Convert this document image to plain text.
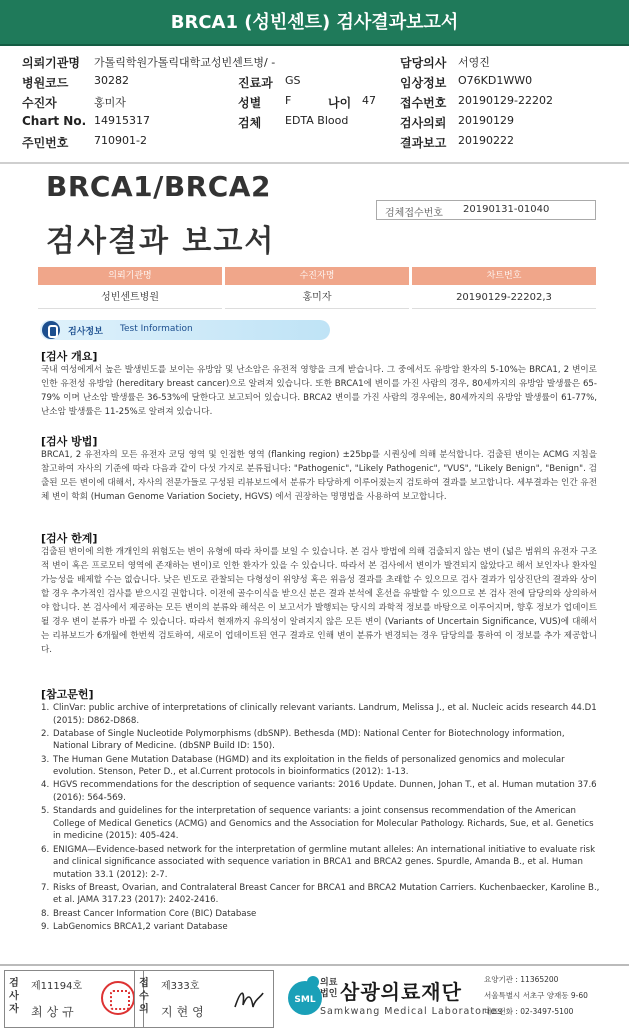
BRCA1 (성빈센트) 검사결과보고서
의뢰기관명 가톨릭학원가톨릭대학교성빈센트병/ -	담당의사 서영진
병원코드 30282	진료과 GS	임상정보 O76KD1WW0
수진자	홍미자	성별 F	나이 47 접수번호 20190129-22202
Chart No. 14915317	검체 EDTA Blood	검사의뢰 20190129
주민번호 710901-2	결과보고 20190222
BRCA1/BRCA2
검사결과 보고서
검체접수번호 20190131-01040
의뢰기관명	수진자명	차트번호
성빈센트병원	홍미자	20190129-22202,3
검사정보 Test Information
[검사 개요]
국내 여성에게서 높은 발생빈도를 보이는 유방암 및 난소암은 유전적 영향을 크게 받습니다. 그 중에서도 유방암 환자의 5-10%는 BRCA1, 2 변이로 인한 유전성 유방암 (hereditary breast cancer)으로 알려져 있습니다. 또한 BRCA1에 변이를 가진 사람의 경우, 80세까지의 유방암 발생률은 65-79% 이며 난소암 발생률은 36-53%에 달한다고 보고되어 있습니다. BRCA2 변이를 가진 사람의 경우에는, 80세까지의 유방암 발생률이 61-77%, 난소암 발생률은 11-25%로 알려져 있습니다.
[검사 방법]
BRCA1, 2 유전자의 모든 유전자 코딩 영역 및 인접한 영역 (flanking region) ±25bp를 시퀀싱에 의해 분석합니다. 검출된 변이는 ACMG 지침을 참고하여 자사의 기준에 따라 다음과 같이 다섯 가지로 분류됩니다: "Pathogenic", "Likely Pathogenic", "VUS", "Likely Benign", "Benign". 검출된 모든 변이에 대해서, 자사의 전문가들로 구성된 리뷰보드에서 분류가 타당하게 이루어졌는지 검토하여 결과를 보고합니다. 세부결과는 인간 유전체 변이 학회 (Human Genome Variation Society, HGVS) 에서 권장하는 명명법을 사용하여 보고합니다.
[검사 한계]
검출된 변이에 의한 개개인의 위험도는 변이 유형에 따라 차이를 보일 수 있습니다. 본 검사 방법에 의해 검출되지 않는 변이 (넓은 범위의 유전자 구조적 변이 혹은 프로모터 영역에 존재하는 변이)로 인한 환자가 있을 수 있습니다. 따라서 본 검사에서 변이가 발견되지 않았다고 해서 보인자나 환자일 가능성을 배제할 수는 없습니다. 낮은 빈도로 관찰되는 다형성이 위양성 혹은 위음성 결과를 초래할 수 있으므로 검사 결과가 임상진단의 결과와 상이할 경우 추가적인 검사를 받으시길 권합니다. 이전에 골수이식을 받으신 분은 결과 분석에 혼선을 유발할 수 있으므로 본 검사 전에 담당의와 상의하셔야 합니다. 본 검사에서 제공하는 모든 변이의 분류와 해석은 이 보고서가 발행되는 당시의 과학적 정보를 바탕으로 이루어지며, 향후 정보가 업데이트 될 경우 변이 분류가 바뀔 수 있습니다. 따라서 현재까지 유의성이 알려지지 않은 모든 변이 (Variants of Uncertain Significance, VUS)에 대해서는 리뷰보드가 6개월에 한번씩 검토하여, 새로이 업데이트된 연구 결과로 인해 변이 분류가 변경되는 경우 담당의를 통하여 이 정보를 추가 제공합니다.
[참고문헌]
1. ClinVar: public archive of interpretations of clinically relevant variants. Landrum, Melissa J., et al. Nucleic acids research 44.D1 (2015): D862-D868.
2. Database of Single Nucleotide Polymorphisms (dbSNP). Bethesda (MD): National Center for Biotechnology information, National Library of Medicine. (dbSNP Build ID: 150).
3. The Human Gene Mutation Database (HGMD) and its exploitation in the fields of personalized genomics and molecular evolution. Stenson, Peter D., et al.Current protocols in bioinformatics (2012): 1-13.
4. HGVS recommendations for the description of sequence variants: 2016 Update. Dunnen, Johan T., et al. Human mutation 37.6 (2016): 564-569.
5. Standards and guidelines for the interpretation of sequence variants: a joint consensus recommendation of the American College of Medical Genetics (ACMG) and Genomics and the Association for Molecular Pathology. Richards, Sue, et al. Genetics in medicine (2015): 405-424.
6. ENIGMA—Evidence-based network for the interpretation of germline mutant alleles: An international initiative to evaluate risk and clinical significance associated with sequence variation in BRCA1 and BRCA2 genes. Spurdle, Amanda B., et al. Human mutation 33.1 (2012): 2-7.
7. Risks of Breast, Ovarian, and Contralateral Breast Cancer for BRCA1 and BRCA2 Mutation Carriers. Kuchenbaecker, Karoline B., et al. JAMA 317.23 (2017): 2402-2416.
8. Breast Cancer Information Core (BIC) Database
9. LabGenomics BRCA1,2 variant Database
검사자
제11194호
최상규
접수의
제333호
지현영
SML
의료
법인 삼광의료재단
Samkwang Medical Laboratories
요양기관 : 11365200
서울특별시 서초구 양재동 9-60
대표전화 : 02-3497-5100
